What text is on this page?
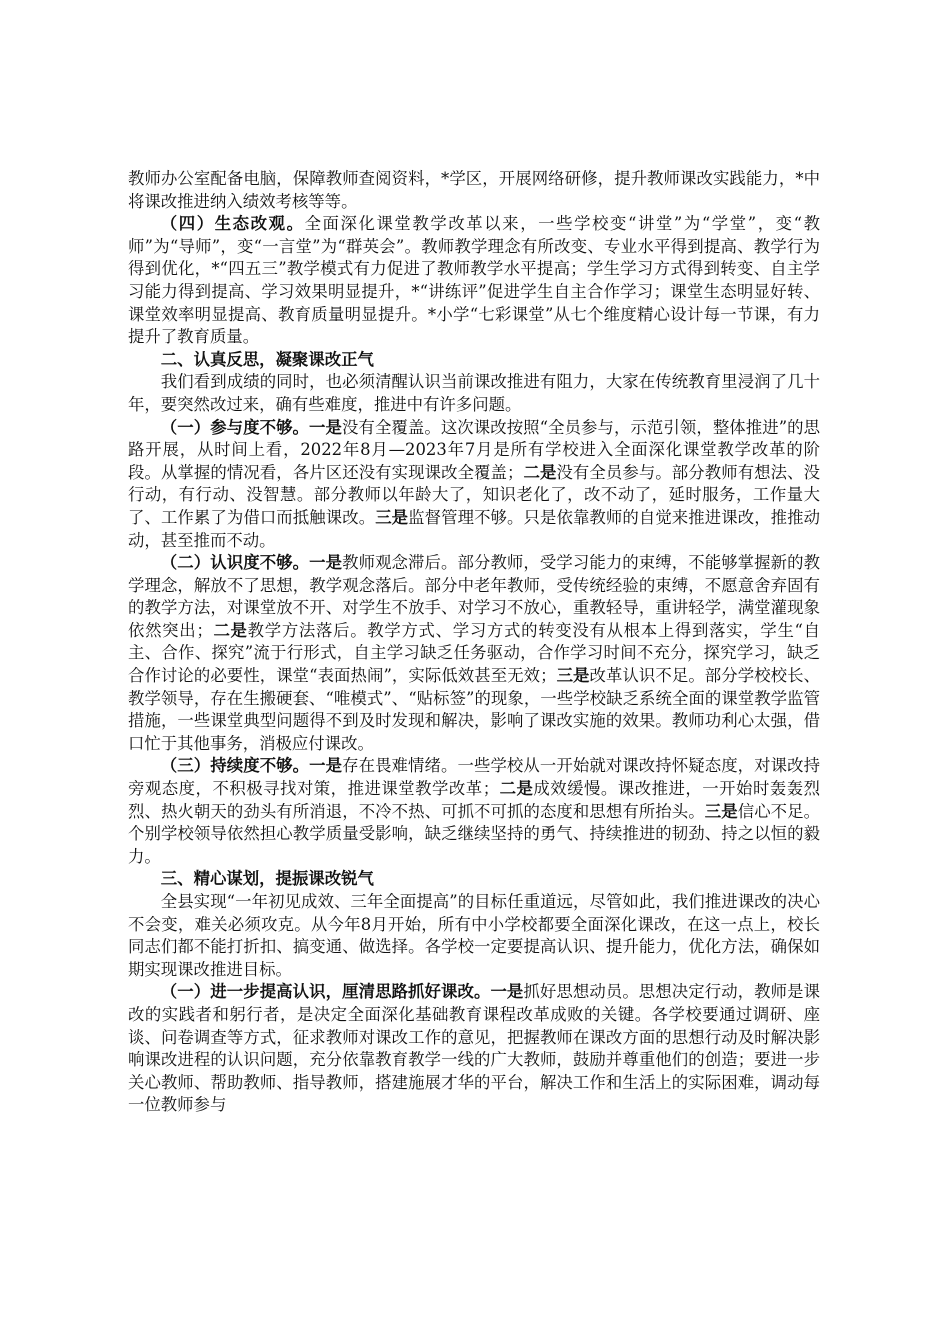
教师办公室配备电脑，保障教师查阅资料，*学区，开展网络研修，提升教师课改实践能力，*中将课改推进纳入绩效考核等等。

（四）生态改观。全面深化课堂教学改革以来，一些学校变“讲堂”为“学堂”，变“教师”为“导师”，变“一言堂”为“群英会”。教师教学理念有所改变、专业水平得到提高、教学行为得到优化，*“四五三”教学模式有力促进了教师教学水平提高；学生学习方式得到转变、自主学习能力得到提高、学习效果明显提升，*“讲练评”促进学生自主合作学习；课堂生态明显好转、课堂效率明显提高、教育质量明显提升。*小学“七彩课堂”从七个维度精心设计每一节课，有力提升了教育质量。

二、认真反思，凝聚课改正气

我们看到成绩的同时，也必须清醒认识当前课改推进有阻力，大家在传统教育里浸润了几十年，要突然改过来，确有些难度，推进中有许多问题。

（一）参与度不够。一是没有全覆盖。这次课改按照“全员参与，示范引领，整体推进”的思路开展，从时间上看，2022年8月—2023年7月是所有学校进入全面深化课堂教学改革的阶段。从掌握的情况看，各片区还没有实现课改全覆盖；二是没有全员参与。部分教师有想法、没行动，有行动、没智慧。部分教师以年龄大了，知识老化了，改不动了，延时服务，工作量大了、工作累了为借口而抵触课改。三是监督管理不够。只是依靠教师的自觉来推进课改，推推动动，甚至推而不动。

（二）认识度不够。一是教师观念滞后。部分教师，受学习能力的束缚，不能够掌握新的教学理念，解放不了思想，教学观念落后。部分中老年教师，受传统经验的束缚，不愿意舍弃固有的教学方法，对课堂放不开、对学生不放手、对学习不放心，重教轻导，重讲轻学，满堂灌现象依然突出；二是教学方法落后。教学方式、学习方式的转变没有从根本上得到落实，学生“自主、合作、探究”流于行形式，自主学习缺乏任务驱动，合作学习时间不充分，探究学习，缺乏合作讨论的必要性，课堂“表面热闹”，实际低效甚至无效；三是改革认识不足。部分学校校长、教学领导，存在生搬硬套、“唯模式”、“贴标签”的现象，一些学校缺乏系统全面的课堂教学监管措施，一些课堂典型问题得不到及时发现和解决，影响了课改实施的效果。教师功利心太强，借口忙于其他事务，消极应付课改。

（三）持续度不够。一是存在畏难情绪。一些学校从一开始就对课改持怀疑态度，对课改持旁观态度，不积极寻找对策，推进课堂教学改革；二是成效缓慢。课改推进，一开始时轰轰烈烈、热火朝天的劲头有所消退，不冷不热、可抓不可抓的态度和思想有所抬头。三是信心不足。个别学校领导依然担心教学质量受影响，缺乏继续坚持的勇气、持续推进的韧劲、持之以恒的毅力。

三、精心谋划，提振课改锐气

全县实现“一年初见成效、三年全面提高”的目标任重道远，尽管如此，我们推进课改的决心不会变，难关必须攻克。从今年8月开始，所有中小学校都要全面深化课改，在这一点上，校长同志们都不能打折扣、搞变通、做选择。各学校一定要提高认识、提升能力，优化方法，确保如期实现课改推进目标。

（一）进一步提高认识，厘清思路抓好课改。一是抓好思想动员。思想决定行动，教师是课改的实践者和躬行者，是决定全面深化基础教育课程改革成败的关键。各学校要通过调研、座谈、问卷调查等方式，征求教师对课改工作的意见，把握教师在课改方面的思想行动及时解决影响课改进程的认识问题，充分依靠教育教学一线的广大教师，鼓励并尊重他们的创造；要进一步关心教师、帮助教师、指导教师，搭建施展才华的平台，解决工作和生活上的实际困难，调动每一位教师参与
